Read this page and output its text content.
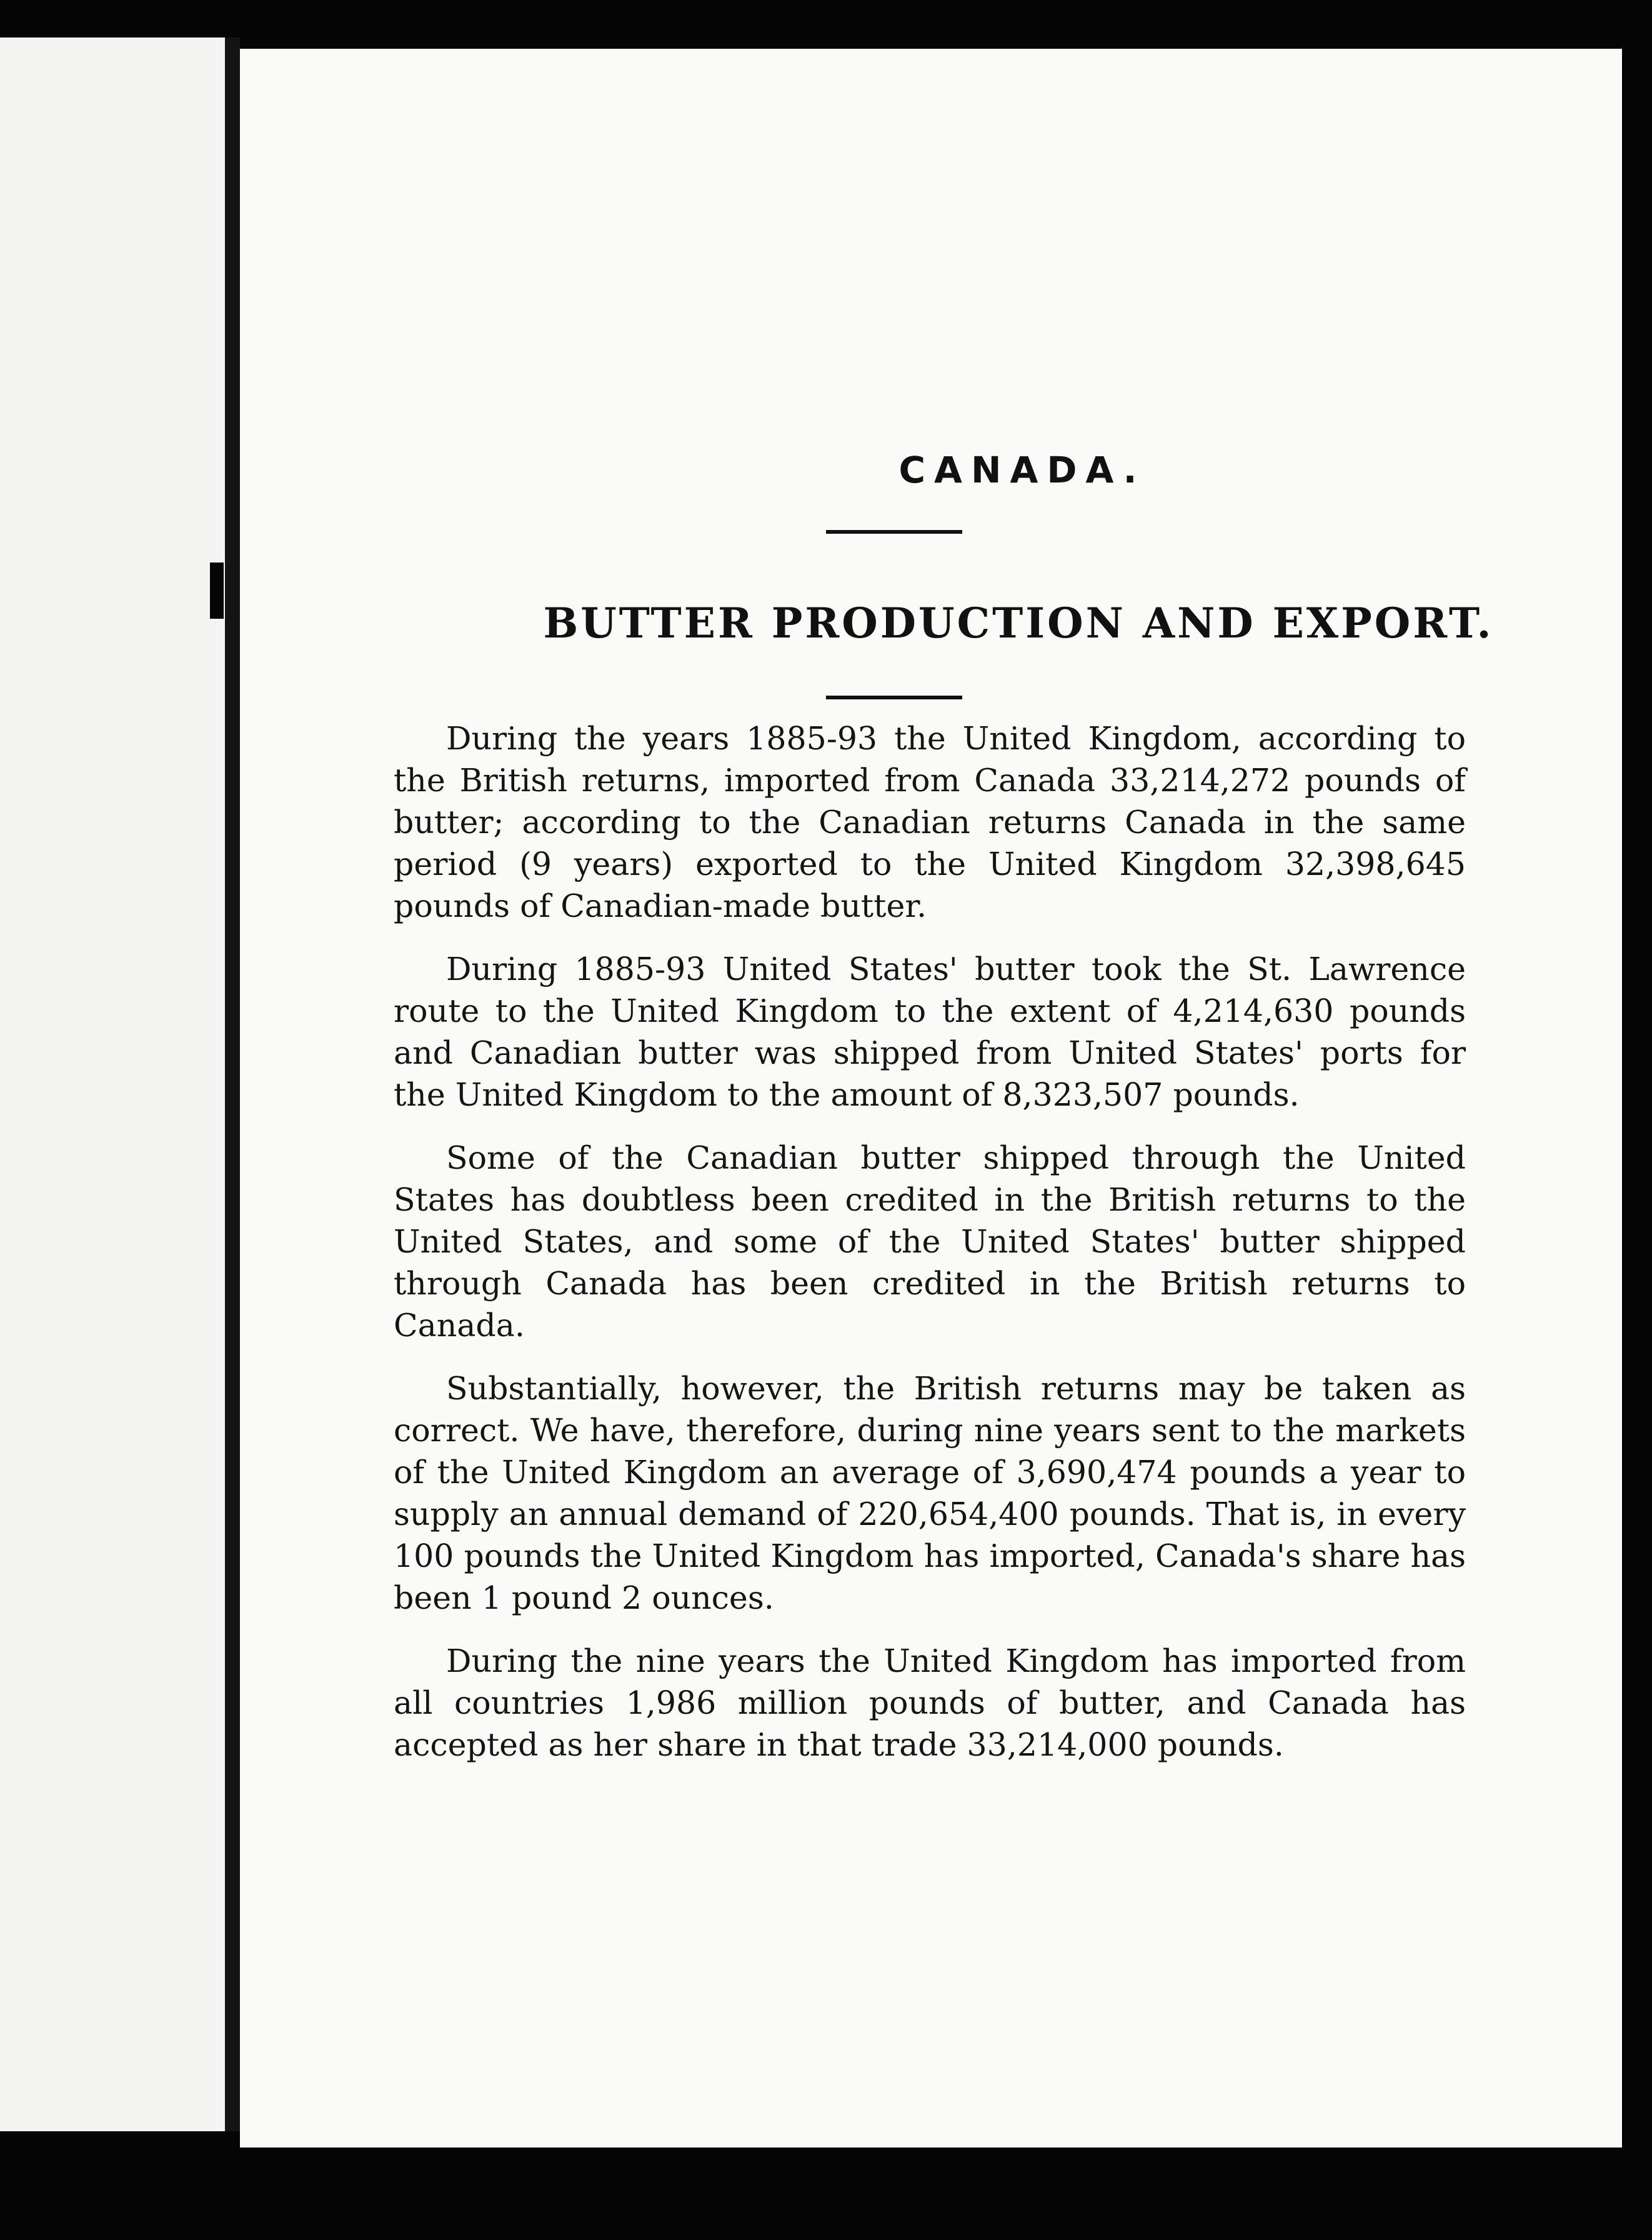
CANADA.
BUTTER PRODUCTION AND EXPORT.

During the years 1885-93 the United Kingdom, according to the British returns, imported from Canada 33,214,272 pounds of butter; according to the Canadian returns Canada in the same period (9 years) exported to the United Kingdom 32,398,645 pounds of Canadian-made butter.

During 1885-93 United States' butter took the St. Lawrence route to the United Kingdom to the extent of 4,214,630 pounds and Canadian butter was shipped from United States' ports for the United Kingdom to the amount of 8,323,507 pounds.

Some of the Canadian butter shipped through the United States has doubtless been credited in the British returns to the United States, and some of the United States' butter shipped through Canada has been credited in the British returns to Canada.

Substantially, however, the British returns may be taken as correct. We have, therefore, during nine years sent to the markets of the United Kingdom an average of 3,690,474 pounds a year to supply an annual demand of 220,654,400 pounds. That is, in every 100 pounds the United Kingdom has imported, Canada's share has been 1 pound 2 ounces.

During the nine years the United Kingdom has imported from all countries 1,986 million pounds of butter, and Canada has accepted as her share in that trade 33,214,000 pounds.
